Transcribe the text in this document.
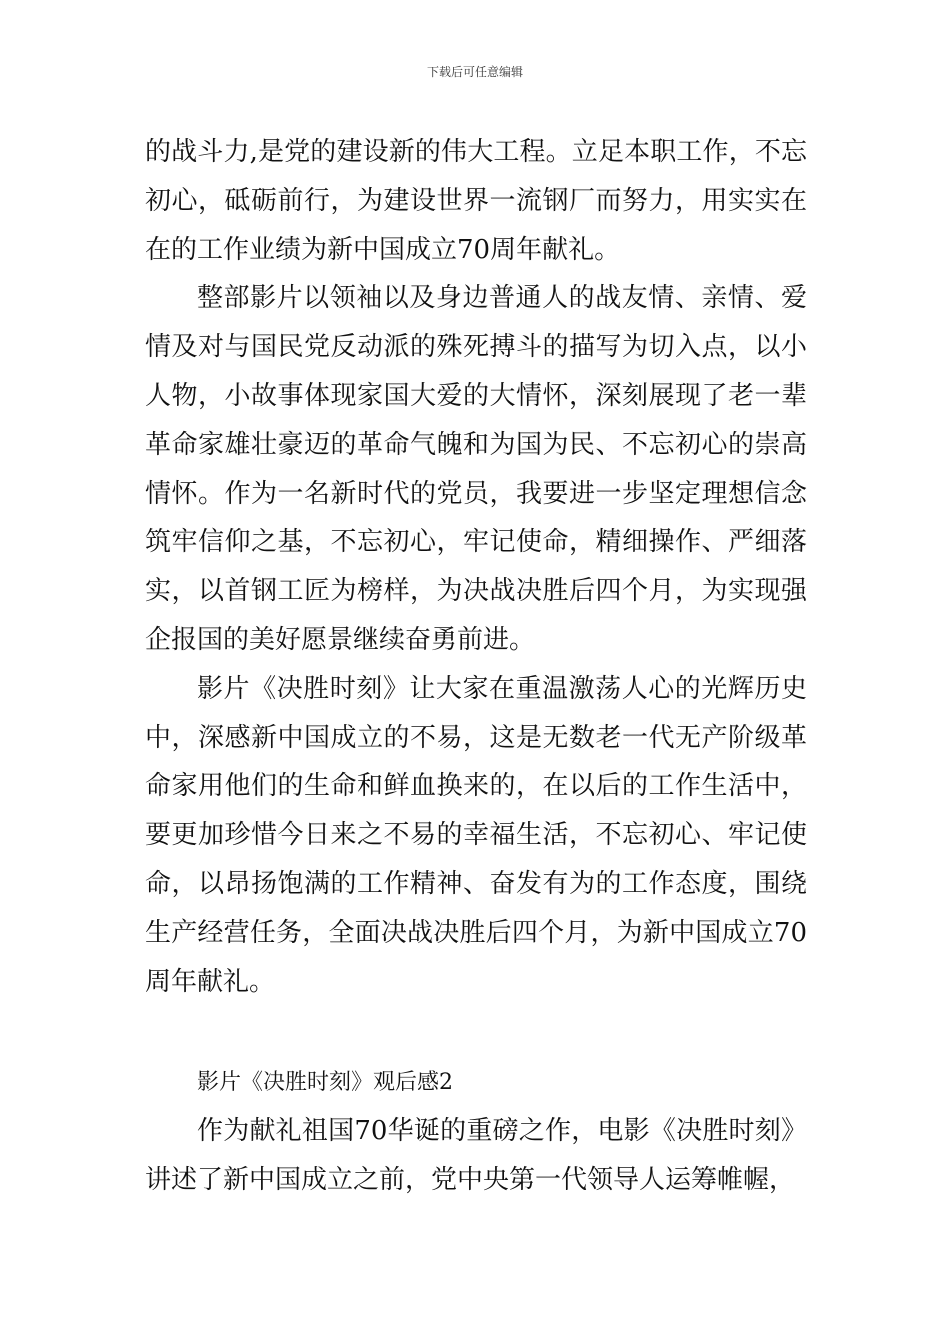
下载后可任意编辑

的战斗力,是党的建设新的伟大工程。立足本职工作，不忘初心，砥砺前行，为建设世界一流钢厂而努力，用实实在在的工作业绩为新中国成立70周年献礼。

整部影片以领袖以及身边普通人的战友情、亲情、爱情及对与国民党反动派的殊死搏斗的描写为切入点，以小人物，小故事体现家国大爱的大情怀，深刻展现了老一辈革命家雄壮豪迈的革命气魄和为国为民、不忘初心的崇高情怀。作为一名新时代的党员，我要进一步坚定理想信念筑牢信仰之基，不忘初心，牢记使命，精细操作、严细落实，以首钢工匠为榜样，为决战决胜后四个月，为实现强企报国的美好愿景继续奋勇前进。

影片《决胜时刻》让大家在重温激荡人心的光辉历史中，深感新中国成立的不易，这是无数老一代无产阶级革命家用他们的生命和鲜血换来的，在以后的工作生活中，要更加珍惜今日来之不易的幸福生活，不忘初心、牢记使命，以昂扬饱满的工作精神、奋发有为的工作态度，围绕生产经营任务，全面决战决胜后四个月，为新中国成立70周年献礼。

影片《决胜时刻》观后感2

作为献礼祖国70华诞的重磅之作，电影《决胜时刻》讲述了新中国成立之前，党中央第一代领导人运筹帷幄，
